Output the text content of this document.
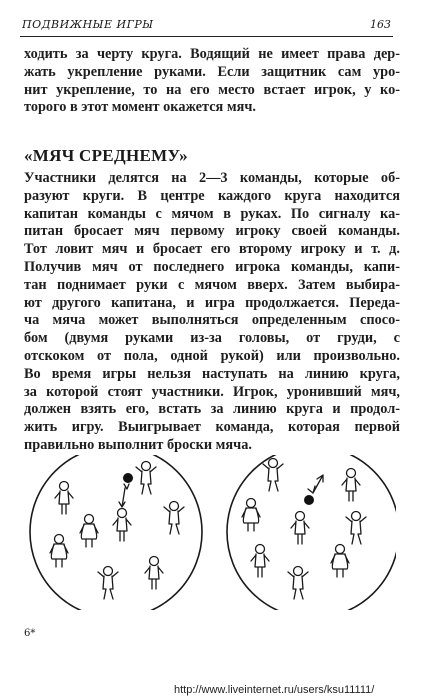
ПОДВИЖНЫЕ ИГРЫ	163

ходить за черту круга. Водящий не имеет права дер-
жать укрепление руками. Если защитник сам уро-
нит укрепление, то на его место встает игрок, у ко-
торого в этот момент окажется мяч.

«МЯЧ СРЕДНЕМУ»

Участники делятся на 2—3 команды, которые об-
разуют круги. В центре каждого круга находится
капитан команды с мячом в руках. По сигналу ка-
питан бросает мяч первому игроку своей команды.
Тот ловит мяч и бросает его второму игроку и т. д.
Получив мяч от последнего игрока команды, капи-
тан поднимает руки с мячом вверх. Затем выбира-
ют другого капитана, и игра продолжается. Переда-
ча мяча может выполняться определенным спосо-
бом (двумя руками из-за головы, от груди, с
отскоком от пола, одной рукой) или произвольно.
Во время игры нельзя наступать на линию круга,
за которой стоят участники. Игрок, уронивший мяч,
должен взять его, встать за линию круга и продол-
жить игру. Выигрывает команда, которая первой
правильно выполнит броски мяча.

6*
http://www.liveinternet.ru/users/ksu11111/
